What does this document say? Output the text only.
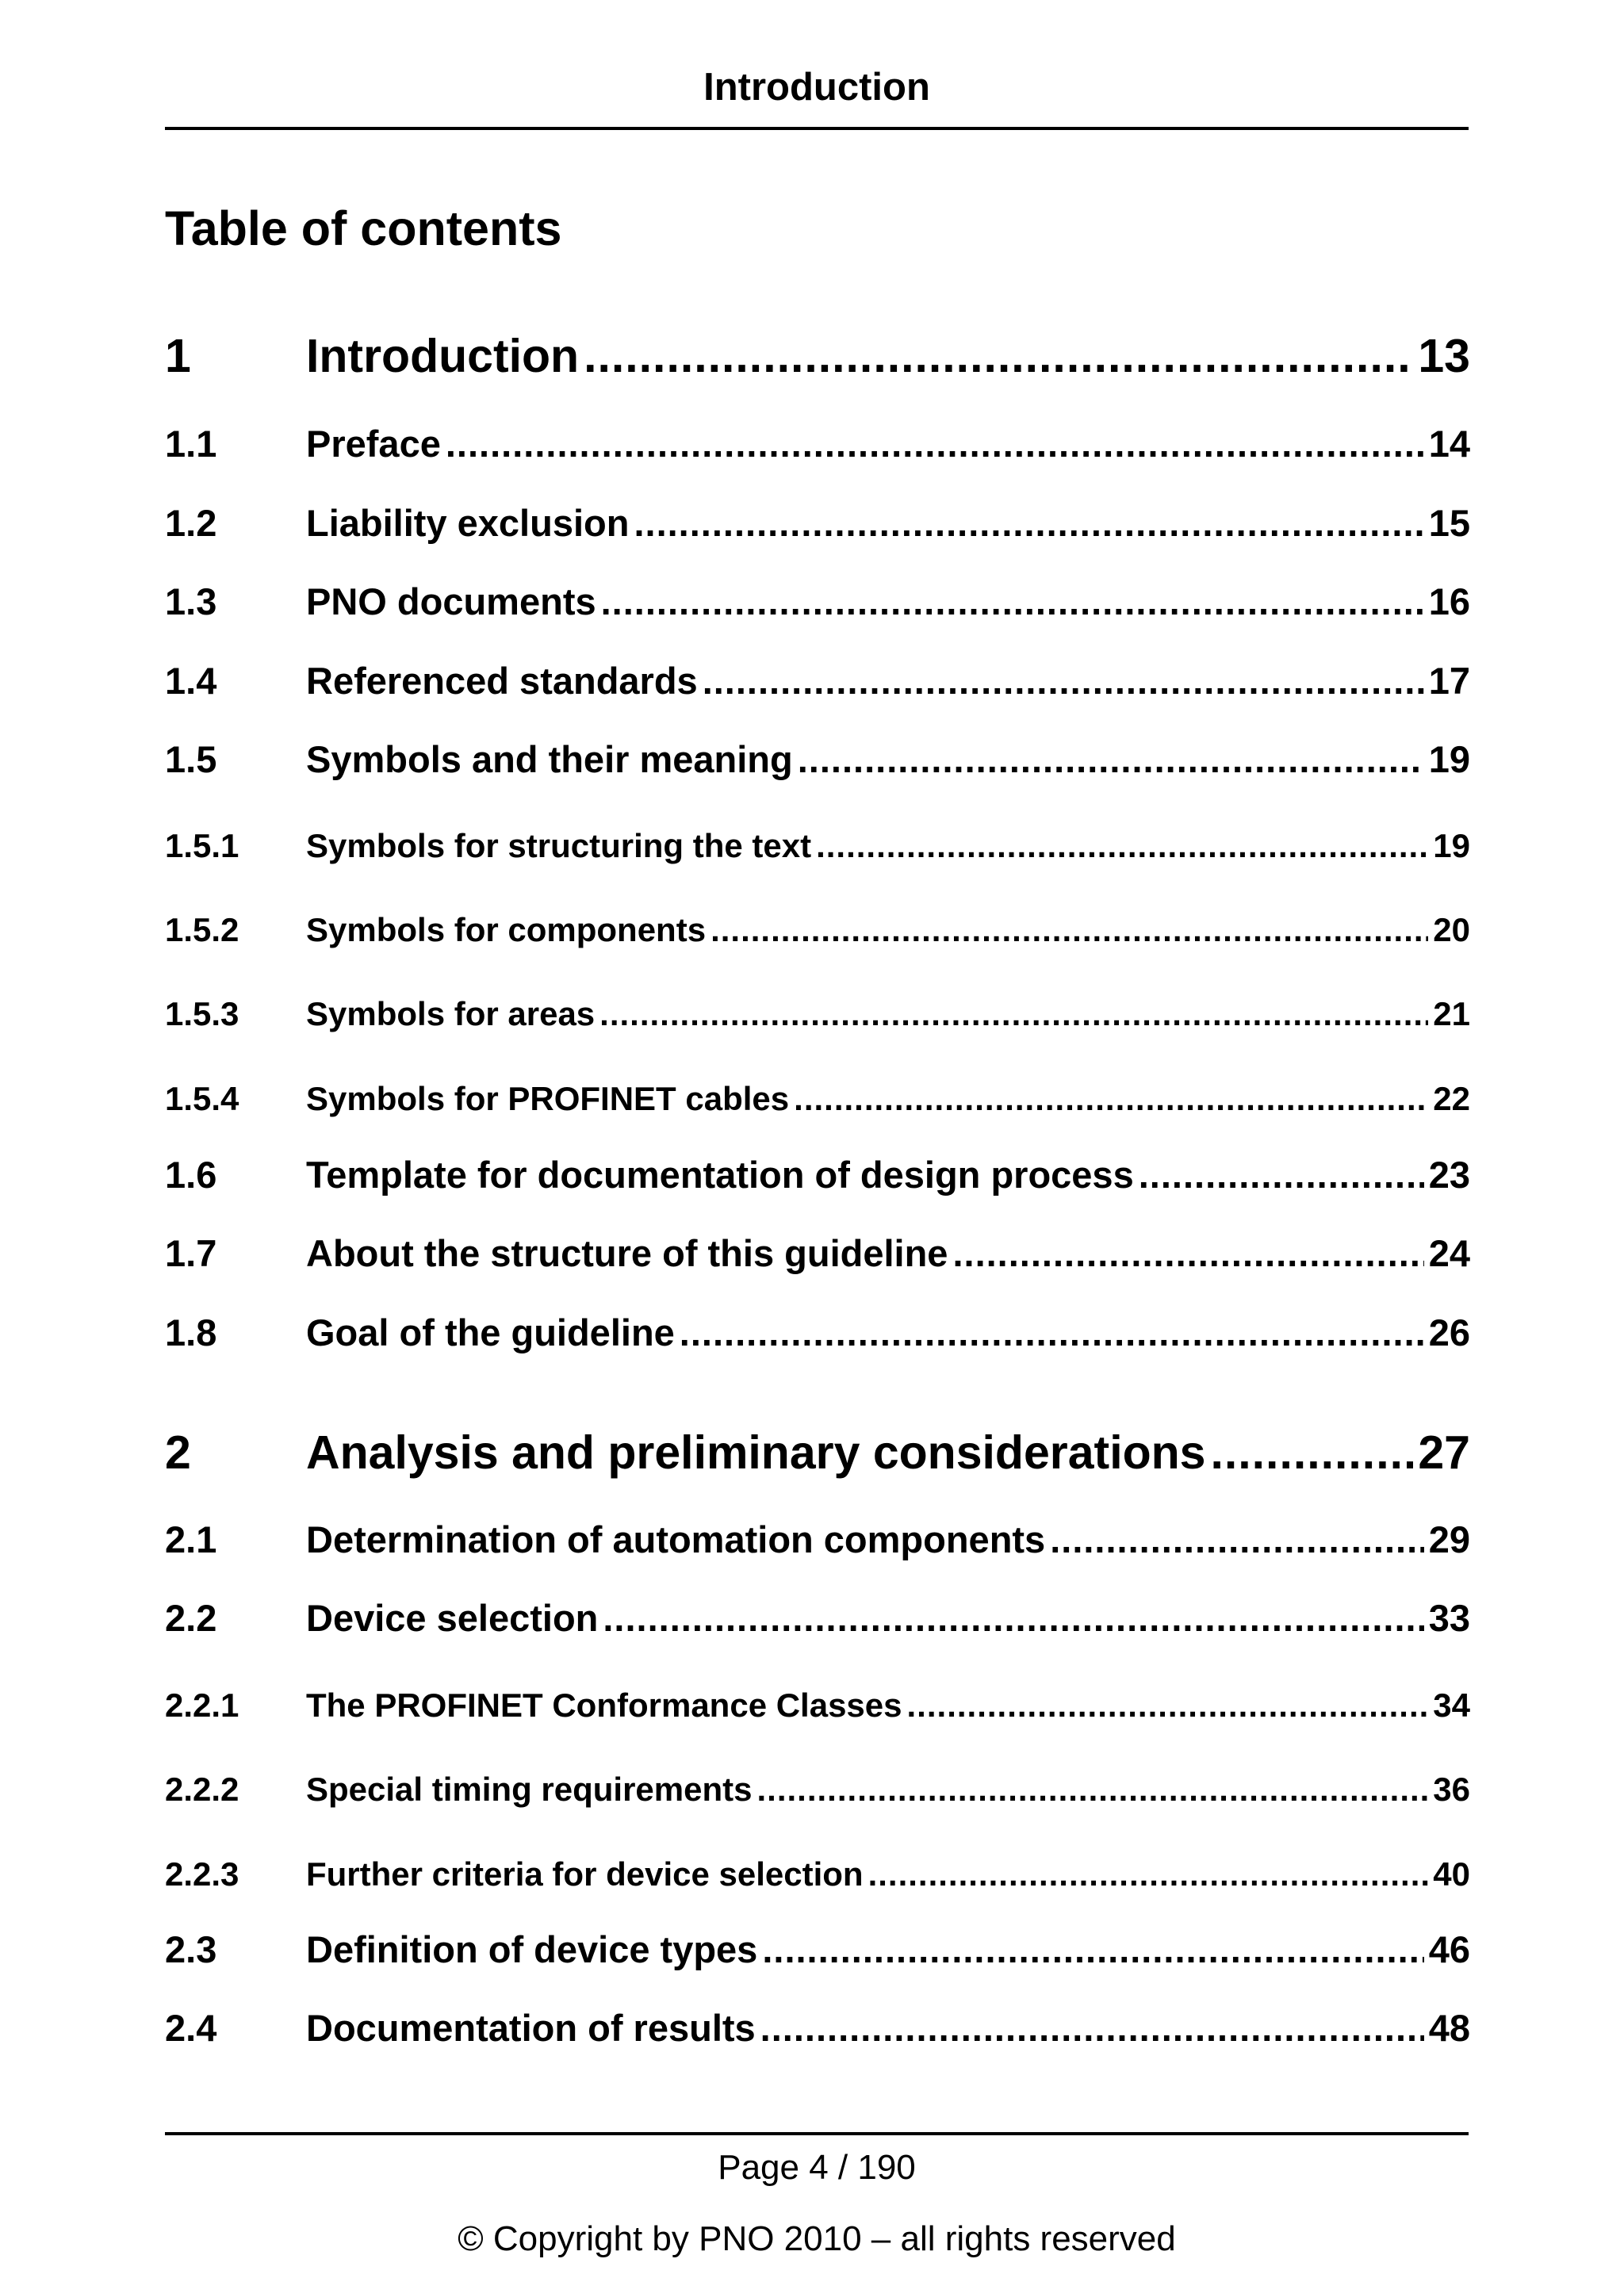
Introduction
Table of contents
1	Introduction .....	13
1.1	Preface .....	14
1.2	Liability exclusion .....	15
1.3	PNO documents .....	16
1.4	Referenced standards .....	17
1.5	Symbols and their meaning .....	19
1.5.1	Symbols for structuring the text .....	19
1.5.2	Symbols for components .....	20
1.5.3	Symbols for areas .....	21
1.5.4	Symbols for PROFINET cables .....	22
1.6	Template for documentation of design process .....	23
1.7	About the structure of this guideline .....	24
1.8	Goal of the guideline .....	26
2	Analysis and preliminary considerations .....	27
2.1	Determination of automation components .....	29
2.2	Device selection .....	33
2.2.1	The PROFINET Conformance Classes .....	34
2.2.2	Special timing requirements .....	36
2.2.3	Further criteria for device selection .....	40
2.3	Definition of device types .....	46
2.4	Documentation of results .....	48
Page 4 / 190
© Copyright by PNO 2010 – all rights reserved
